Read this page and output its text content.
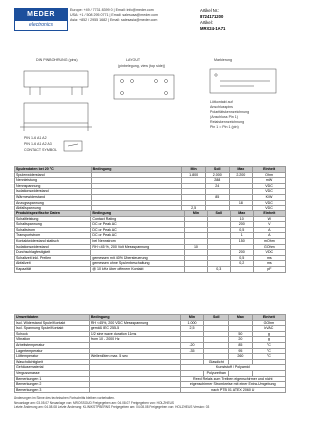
MEDER
electronics
Europe: +49 / 7731 8399 0 | Email: info@meder.com
USA: +1 / 508 295 0771 | Email: salesusa@meder.com
Asia: +852 / 2955 1682 | Email: salesasia@meder.com
Artikel Nr.:
8724171200
Artikel:
MRX24-1A71
DIN PINBOHRUNG (pins)	LAYOUT
(pinbelegung, view (top side))
Markierung
PIN 1-6 A1 A2
PIN 1-6 A1 A2 A3
CONTACT SYMBOL
Lötkontakt auf
Anschlusspins
Polaritätskennzeichnung
(Anschluss Pin 1)
Relaiskennzeichnung
Pin 1 = Pin 1 (pin)
Spulendaten bei 20 °C	Bedingung	Min	Soll	Max	Einheit
Spulenwiderstand		1.800	2.000	2.200	Ohm
Nennleistung			288		mW
Nennspannung			24		VDC
Isolationswiderstand					VDC
Wärmewiderstand			85		K/W
Anzugsspannung				18	VDC
Abfallspannung		2,5			VDC
Produktspezifische Daten	Bedingung	Min	Soll	Max	Einheit
Schaltleistung	Contact Rating			10	W
Schaltspannung	DC or Peak AC			200	V
Schaltstrom	DC or Peak AC			0,5	A
Transportstrom	DC or Peak AC			1	A
Kontaktwiderstand statisch	bei Nennstrom			150	mOhm
Isolationswiderstand	RH <45 %, 200 Volt Messspannung	10			GOhm
Durchschlagfestigkeit				200	VDC
Schaltzeit inkl. Prellen	gemessen mit 40% Übersteuerung			0,5	ms
Abfallzeit	gemessen ohne Spulenbeschaltung			0,2	ms
Kapazität	@ 10 kHz über offenem Kontakt		0,3		pF
Umweltdaten	Bedingung	Min	Soll	Max	Einheit
Isol. Widerstand Spule/Kontakt	RH <45%, 200 VDC Messspannung	1.000			GOhm
Isol. Spannung Spule/Kontakt	gemäß IEC 255-5	2,5			kVAC
Schock	1/2 sine wave duration 11ms			50	g
Vibration	from 10 - 2000 Hz			20	g
Arbeitstemperatur		-20		85	°C
Lagertemperatur		-35		95	°C
Löttemperatur	Wellenlöten max. 5 sec			260	°C
Waschdichtigkeit			Glasdicht		
Gehäusematerial		Kunststoff / Polyamid			
Vergussmasse			Polyurethan		
Bemerkungen 1		Reed Relais zum Treiben eigenschirmer und nicht			
Bemerkungen 2		eigenschirmer Stromkreise mit einer Extra-Umgebung			
Bemerkungen 3		nach PTB 01 ATEX 2060 U			
Änderungen im Sinne des technischen Fortschritts bleiben vorbehalten.
Neuanlage am: 03.05.07 Neuanlage von: MROSSOUD Freigegeben am: 04.08.07 Freigegeben von: HOLZHEUS
Letzte Änderung am: 04.08.08 Letzte Änderung: KLINIKSTPBERNS Freigegeben am: 04.08.08 Freigegeben von: HOLZHEUS Version: 03
